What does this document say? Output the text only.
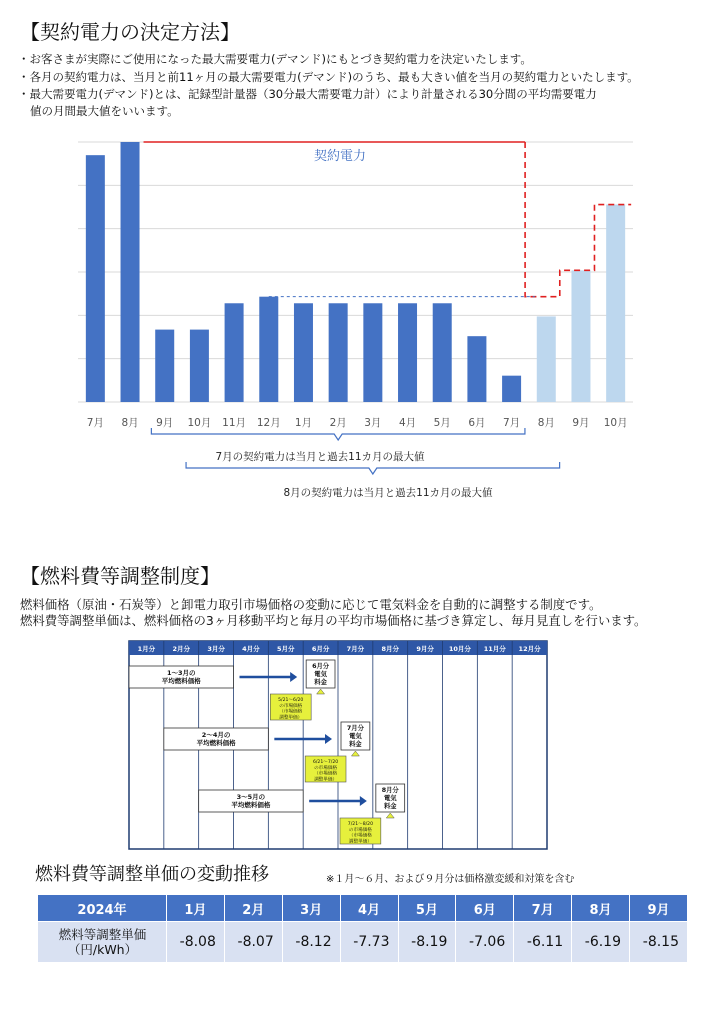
【契約電力の決定方法】
・お客さまが実際にご使用になった最大需要電力(デマンド)にもとづき契約電力を決定いたします。
・各月の契約電力は、当月と前11ヶ月の最大需要電力(デマンド)のうち、最も大きい値を当月の契約電力といたします。
・最大需要電力(デマンド)とは、記録型計量器（30分最大需要電力計）により計量される30分間の平均需要電力
値の月間最大値をいいます。
7月 8月 9月 10月 11月 12月 1月 2月 3月 4月 5月 6月 7月 8月 9月 10月
契約電力
7月の契約電力は当月と過去11カ月の最大値
8月の契約電力は当月と過去11カ月の最大値
【燃料費等調整制度】
燃料価格（原油・石炭等）と卸電力取引市場価格の変動に応じて電気料金を自動的に調整する制度です。
燃料費等調整単価は、燃料価格の3ヶ月移動平均と毎月の平均市場価格に基づき算定し、毎月見直しを行います。
1月分	2月分	3月分	4月分	5月分	6月分	7月分	8月分	9月分 10月分 11月分 12月分
1～3月の
平均燃料価格
6月分
電気
料金
5/21～6/20
の市場価格
（市場価格
調整単価）
2～4月の
平均燃料価格
7月分
電気
料金
6/21～7/20
の市場価格
（市場価格
調整単価）
3～5月の
平均燃料価格
8月分
電気
料金
7/21～8/20
の市場価格
（市場価格
調整単価）
燃料費等調整単価の変動推移	※１月～６月、および９月分は価格激変緩和対策を含む
2024年	1月	2月	3月	4月	5月	6月	7月	8月	9月

燃料等調整単価
（円/kWh）	-8.08	-8.07	-8.12	-7.73	-8.19	-7.06	-6.11	-6.19	-8.15
